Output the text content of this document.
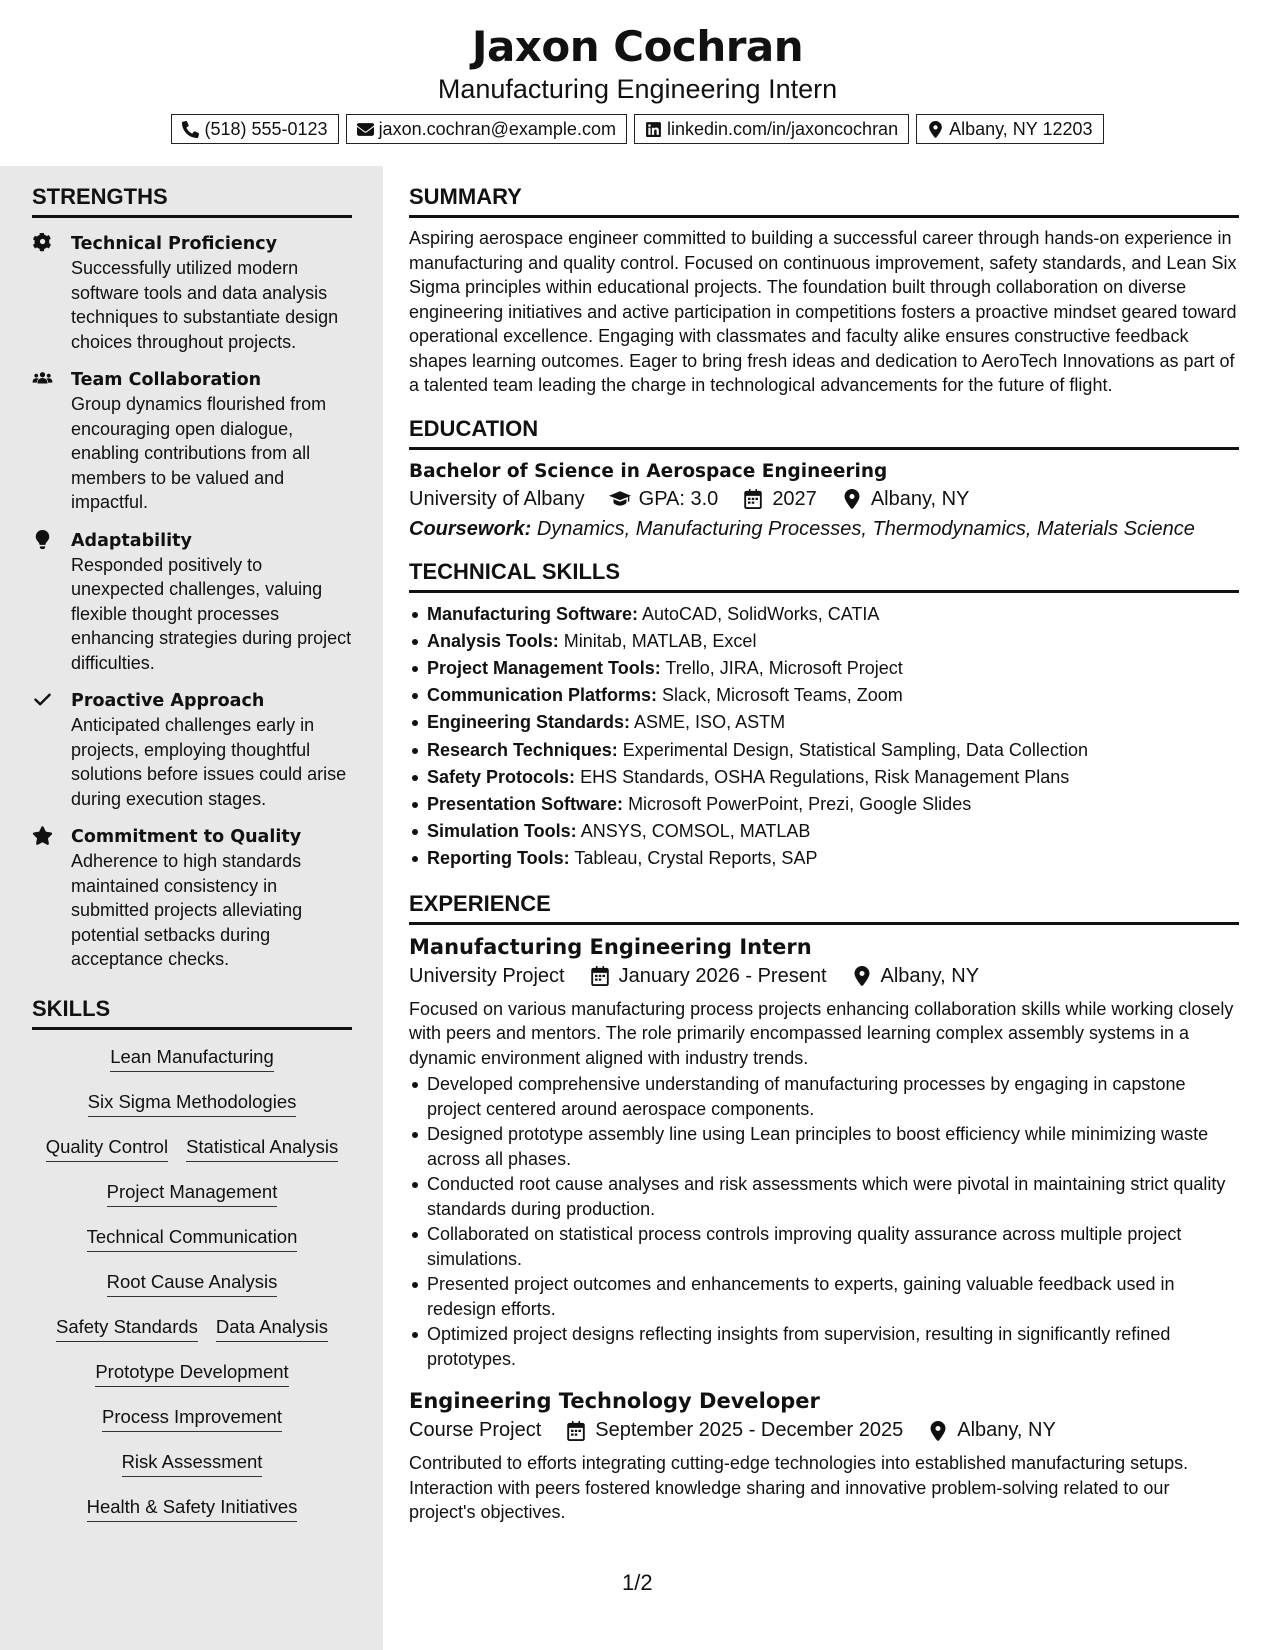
Jaxon Cochran
Manufacturing Engineering Intern
(518) 555-0123	jaxon.cochran@example.com	linkedin.com/in/jaxoncochran	Albany, NY 12203
STRENGTHS
Technical Proficiency
Successfully utilized modern software tools and data analysis techniques to substantiate design choices throughout projects.
Team Collaboration
Group dynamics flourished from encouraging open dialogue, enabling contributions from all members to be valued and impactful.
Adaptability
Responded positively to unexpected challenges, valuing flexible thought processes enhancing strategies during project difficulties.
Proactive Approach
Anticipated challenges early in projects, employing thoughtful solutions before issues could arise during execution stages.
Commitment to Quality
Adherence to high standards maintained consistency in submitted projects alleviating potential setbacks during acceptance checks.
SKILLS
Lean Manufacturing
Six Sigma Methodologies
Quality Control Statistical Analysis
Project Management
Technical Communication
Root Cause Analysis
Safety Standards Data Analysis
Prototype Development
Process Improvement
Risk Assessment
Health & Safety Initiatives
SUMMARY
Aspiring aerospace engineer committed to building a successful career through hands-on experience in manufacturing and quality control. Focused on continuous improvement, safety standards, and Lean Six Sigma principles within educational projects. The foundation built through collaboration on diverse engineering initiatives and active participation in competitions fosters a proactive mindset geared toward operational excellence. Engaging with classmates and faculty alike ensures constructive feedback shapes learning outcomes. Eager to bring fresh ideas and dedication to AeroTech Innovations as part of a talented team leading the charge in technological advancements for the future of flight.
EDUCATION
Bachelor of Science in Aerospace Engineering
University of Albany	GPA: 3.0	2027	Albany, NY
Coursework: Dynamics, Manufacturing Processes, Thermodynamics, Materials Science
TECHNICAL SKILLS
Manufacturing Software: AutoCAD, SolidWorks, CATIA
Analysis Tools: Minitab, MATLAB, Excel
Project Management Tools: Trello, JIRA, Microsoft Project
Communication Platforms: Slack, Microsoft Teams, Zoom
Engineering Standards: ASME, ISO, ASTM
Research Techniques: Experimental Design, Statistical Sampling, Data Collection
Safety Protocols: EHS Standards, OSHA Regulations, Risk Management Plans
Presentation Software: Microsoft PowerPoint, Prezi, Google Slides
Simulation Tools: ANSYS, COMSOL, MATLAB
Reporting Tools: Tableau, Crystal Reports, SAP
EXPERIENCE
Manufacturing Engineering Intern
University Project	January 2026 - Present	Albany, NY
Focused on various manufacturing process projects enhancing collaboration skills while working closely with peers and mentors. The role primarily encompassed learning complex assembly systems in a dynamic environment aligned with industry trends.
Developed comprehensive understanding of manufacturing processes by engaging in capstone project centered around aerospace components.
Designed prototype assembly line using Lean principles to boost efficiency while minimizing waste across all phases.
Conducted root cause analyses and risk assessments which were pivotal in maintaining strict quality standards during production.
Collaborated on statistical process controls improving quality assurance across multiple project simulations.
Presented project outcomes and enhancements to experts, gaining valuable feedback used in redesign efforts.
Optimized project designs reflecting insights from supervision, resulting in significantly refined prototypes.
Engineering Technology Developer
Course Project	September 2025 - December 2025	Albany, NY
Contributed to efforts integrating cutting-edge technologies into established manufacturing setups. Interaction with peers fostered knowledge sharing and innovative problem-solving related to our project's objectives.
1/2
